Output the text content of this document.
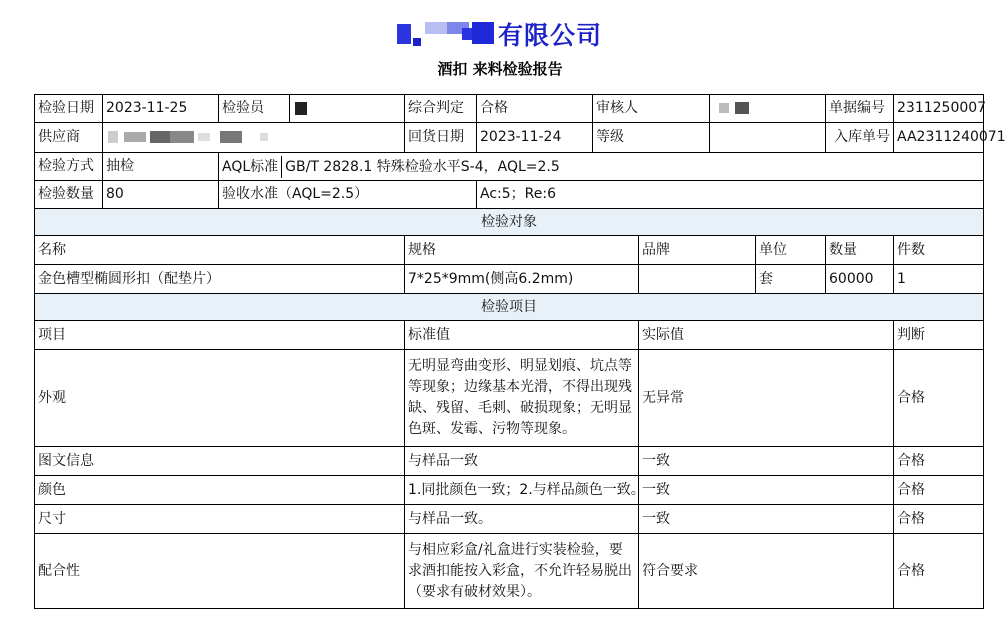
有限公司
酒扣 来料检验报告
检验日期	2023-11-25	检验员		综合判定	合格	审核人				单据编号	2311250007
供应商				回货日期	2023-11-24	等级				入库单号	AA2311240071
检验方式	抽检	AQL标准 GB/T 2828.1 特殊检验水平S-4，AQL=2.5									
检验数量	80	验收水准（AQL=2.5）			Ac:5；Re:6						
检验对象											
名称				规格			品牌		单位	数量	件数
金色槽型椭圆形扣（配垫片）				7*25*9mm(侧高6.2mm)					套	60000	1
检验项目											
项目				标准值			实际值				判断
外观				无明显弯曲变形、明显划痕、坑点等等现象；边缘基本光滑，不得出现残缺、残留、毛刺、破损现象；无明显色斑、发霉、污物等现象。			无异常				合格
图文信息				与样品一致			一致				合格
颜色				1.同批颜色一致；2.与样品颜色一致。			一致				合格
尺寸				与样品一致。			一致				合格
配合性				与相应彩盒/礼盒进行实装检验，要求酒扣能按入彩盒，不允许轻易脱出（要求有破材效果）。			符合要求				合格
